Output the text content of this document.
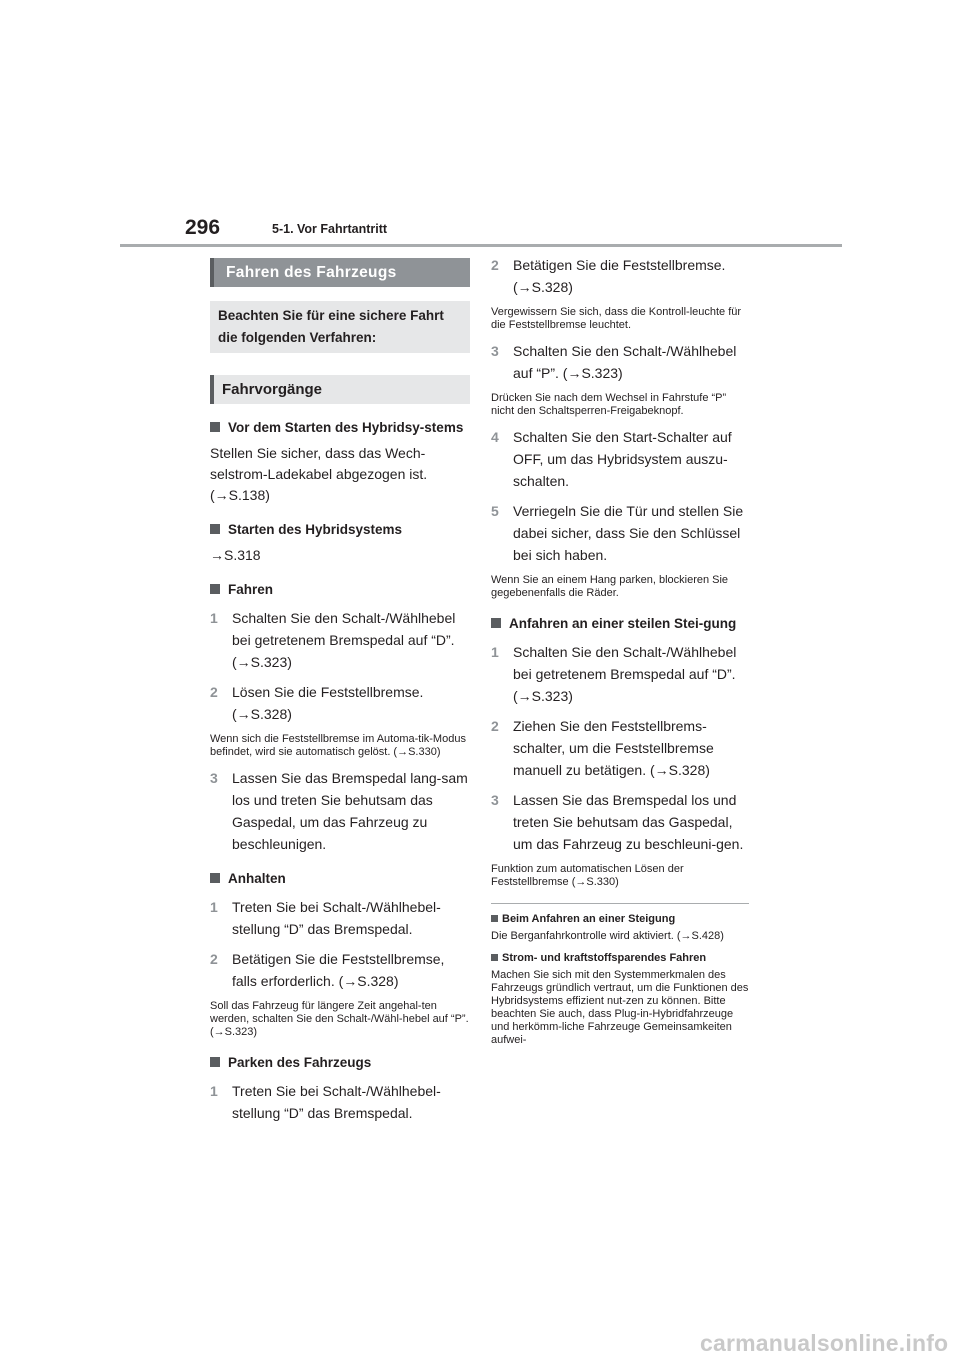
296	5-1. Vor Fahrtantritt
Fahren des Fahrzeugs
Beachten Sie für eine sichere Fahrt die folgenden Verfahren:
Fahrvorgänge
Vor dem Starten des Hybridsy-stems
Stellen Sie sicher, dass das Wech-selstrom-Ladekabel abgezogen ist. (→S.138)
Starten des Hybridsystems
→S.318
Fahren
1 Schalten Sie den Schalt-/Wählhebel bei getretenem Bremspedal auf “D”. (→S.323)
2 Lösen Sie die Feststellbremse. (→S.328)
Wenn sich die Feststellbremse im Automa-tik-Modus befindet, wird sie automatisch gelöst. (→S.330)
3 Lassen Sie das Bremspedal lang-sam los und treten Sie behutsam das Gaspedal, um das Fahrzeug zu beschleunigen.
Anhalten
1 Treten Sie bei Schalt-/Wählhebel-stellung “D” das Bremspedal.
2 Betätigen Sie die Feststellbremse, falls erforderlich. (→S.328)
Soll das Fahrzeug für längere Zeit angehal-ten werden, schalten Sie den Schalt-/Wähl-hebel auf “P”. (→S.323)
Parken des Fahrzeugs
1 Treten Sie bei Schalt-/Wählhebel-stellung “D” das Bremspedal.
2 Betätigen Sie die Feststellbremse. (→S.328)
Vergewissern Sie sich, dass die Kontroll-leuchte für die Feststellbremse leuchtet.
3 Schalten Sie den Schalt-/Wählhebel auf “P”. (→S.323)
Drücken Sie nach dem Wechsel in Fahrstufe “P” nicht den Schaltsperren-Freigabeknopf.
4 Schalten Sie den Start-Schalter auf OFF, um das Hybridsystem auszu-schalten.
5 Verriegeln Sie die Tür und stellen Sie dabei sicher, dass Sie den Schlüssel bei sich haben.
Wenn Sie an einem Hang parken, blockieren Sie gegebenenfalls die Räder.
Anfahren an einer steilen Stei-gung
1 Schalten Sie den Schalt-/Wählhebel bei getretenem Bremspedal auf “D”. (→S.323)
2 Ziehen Sie den Feststellbrems-schalter, um die Feststellbremse manuell zu betätigen. (→S.328)
3 Lassen Sie das Bremspedal los und treten Sie behutsam das Gaspedal, um das Fahrzeug zu beschleuni-gen.
Funktion zum automatischen Lösen der Feststellbremse (→S.330)
Beim Anfahren an einer Steigung
Die Berganfahrkontrolle wird aktiviert. (→S.428)
Strom- und kraftstoffsparendes Fahren
Machen Sie sich mit den Systemmerkmalen des Fahrzeugs gründlich vertraut, um die Funktionen des Hybridsystems effizient nut-zen zu können. Bitte beachten Sie auch, dass Plug-in-Hybridfahrzeuge und herkömm-liche Fahrzeuge Gemeinsamkeiten aufwei-
carmanualsonline.info
